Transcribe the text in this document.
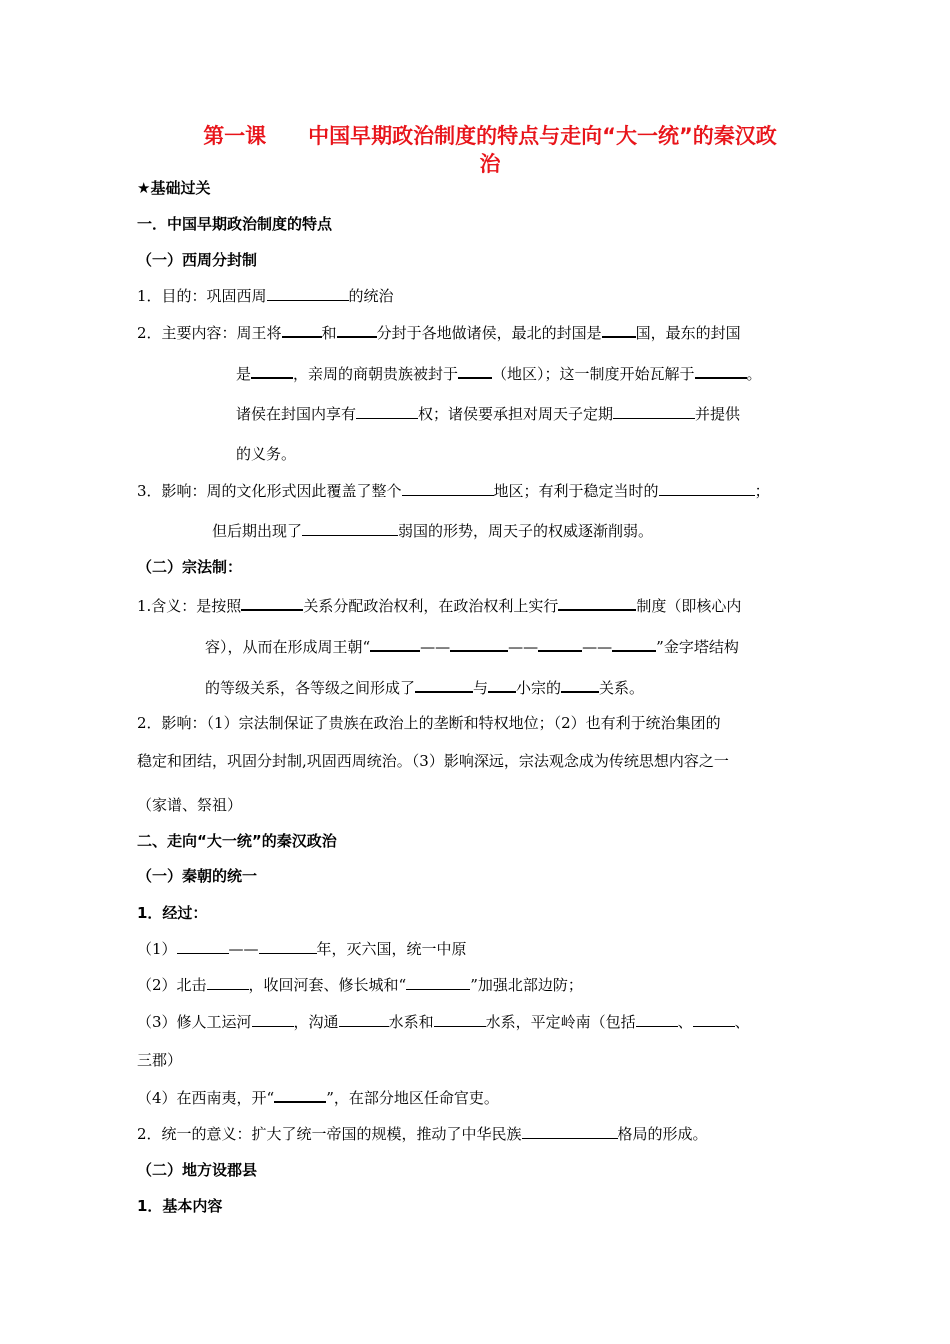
第一课　　中国早期政治制度的特点与走向“大一统”的秦汉政
治
★基础过关
一．中国早期政治制度的特点
（一）西周分封制
1．目的：巩固西周	的统治
2．主要内容：周王将	和	分封于各地做诸侯，最北的封国是 国，最东的封国
是	，亲周的商朝贵族被封于 （地区）；这一制度开始瓦解于	。
诸侯在封国内享有	权；诸侯要承担对周天子定期	并提供
的义务。
3．影响：周的文化形式因此覆盖了整个	地区；有利于稳定当时的	；
但后期出现了	弱国的形势，周天子的权威逐渐削弱。
（二）宗法制：
1.含义：是按照	关系分配政治权利，在政治权利上实行	制度（即核心内
容），从而在形成周王朝“	——	——	——	”金字塔结构
的等级关系，各等级之间形成了	与 小宗的	关系。
2．影响：（1）宗法制保证了贵族在政治上的垄断和特权地位；（2）也有利于统治集团的
稳定和团结，巩固分封制,巩固西周统治。（3）影响深远，宗法观念成为传统思想内容之一
（家谱、祭祖）
二、走向“大一统”的秦汉政治
（一）秦朝的统一
1．经过：
（1）	——	年，灭六国，统一中原
（2）北击	，收回河套、修长城和“	”加强北部边防；
（3）修人工运河	，沟通	水系和	水系，平定岭南（包括	、	、
三郡）
（4）在西南夷，开“	”，在部分地区任命官吏。
2．统一的意义：扩大了统一帝国的规模，推动了中华民族	格局的形成。
（二）地方设郡县
1．基本内容
